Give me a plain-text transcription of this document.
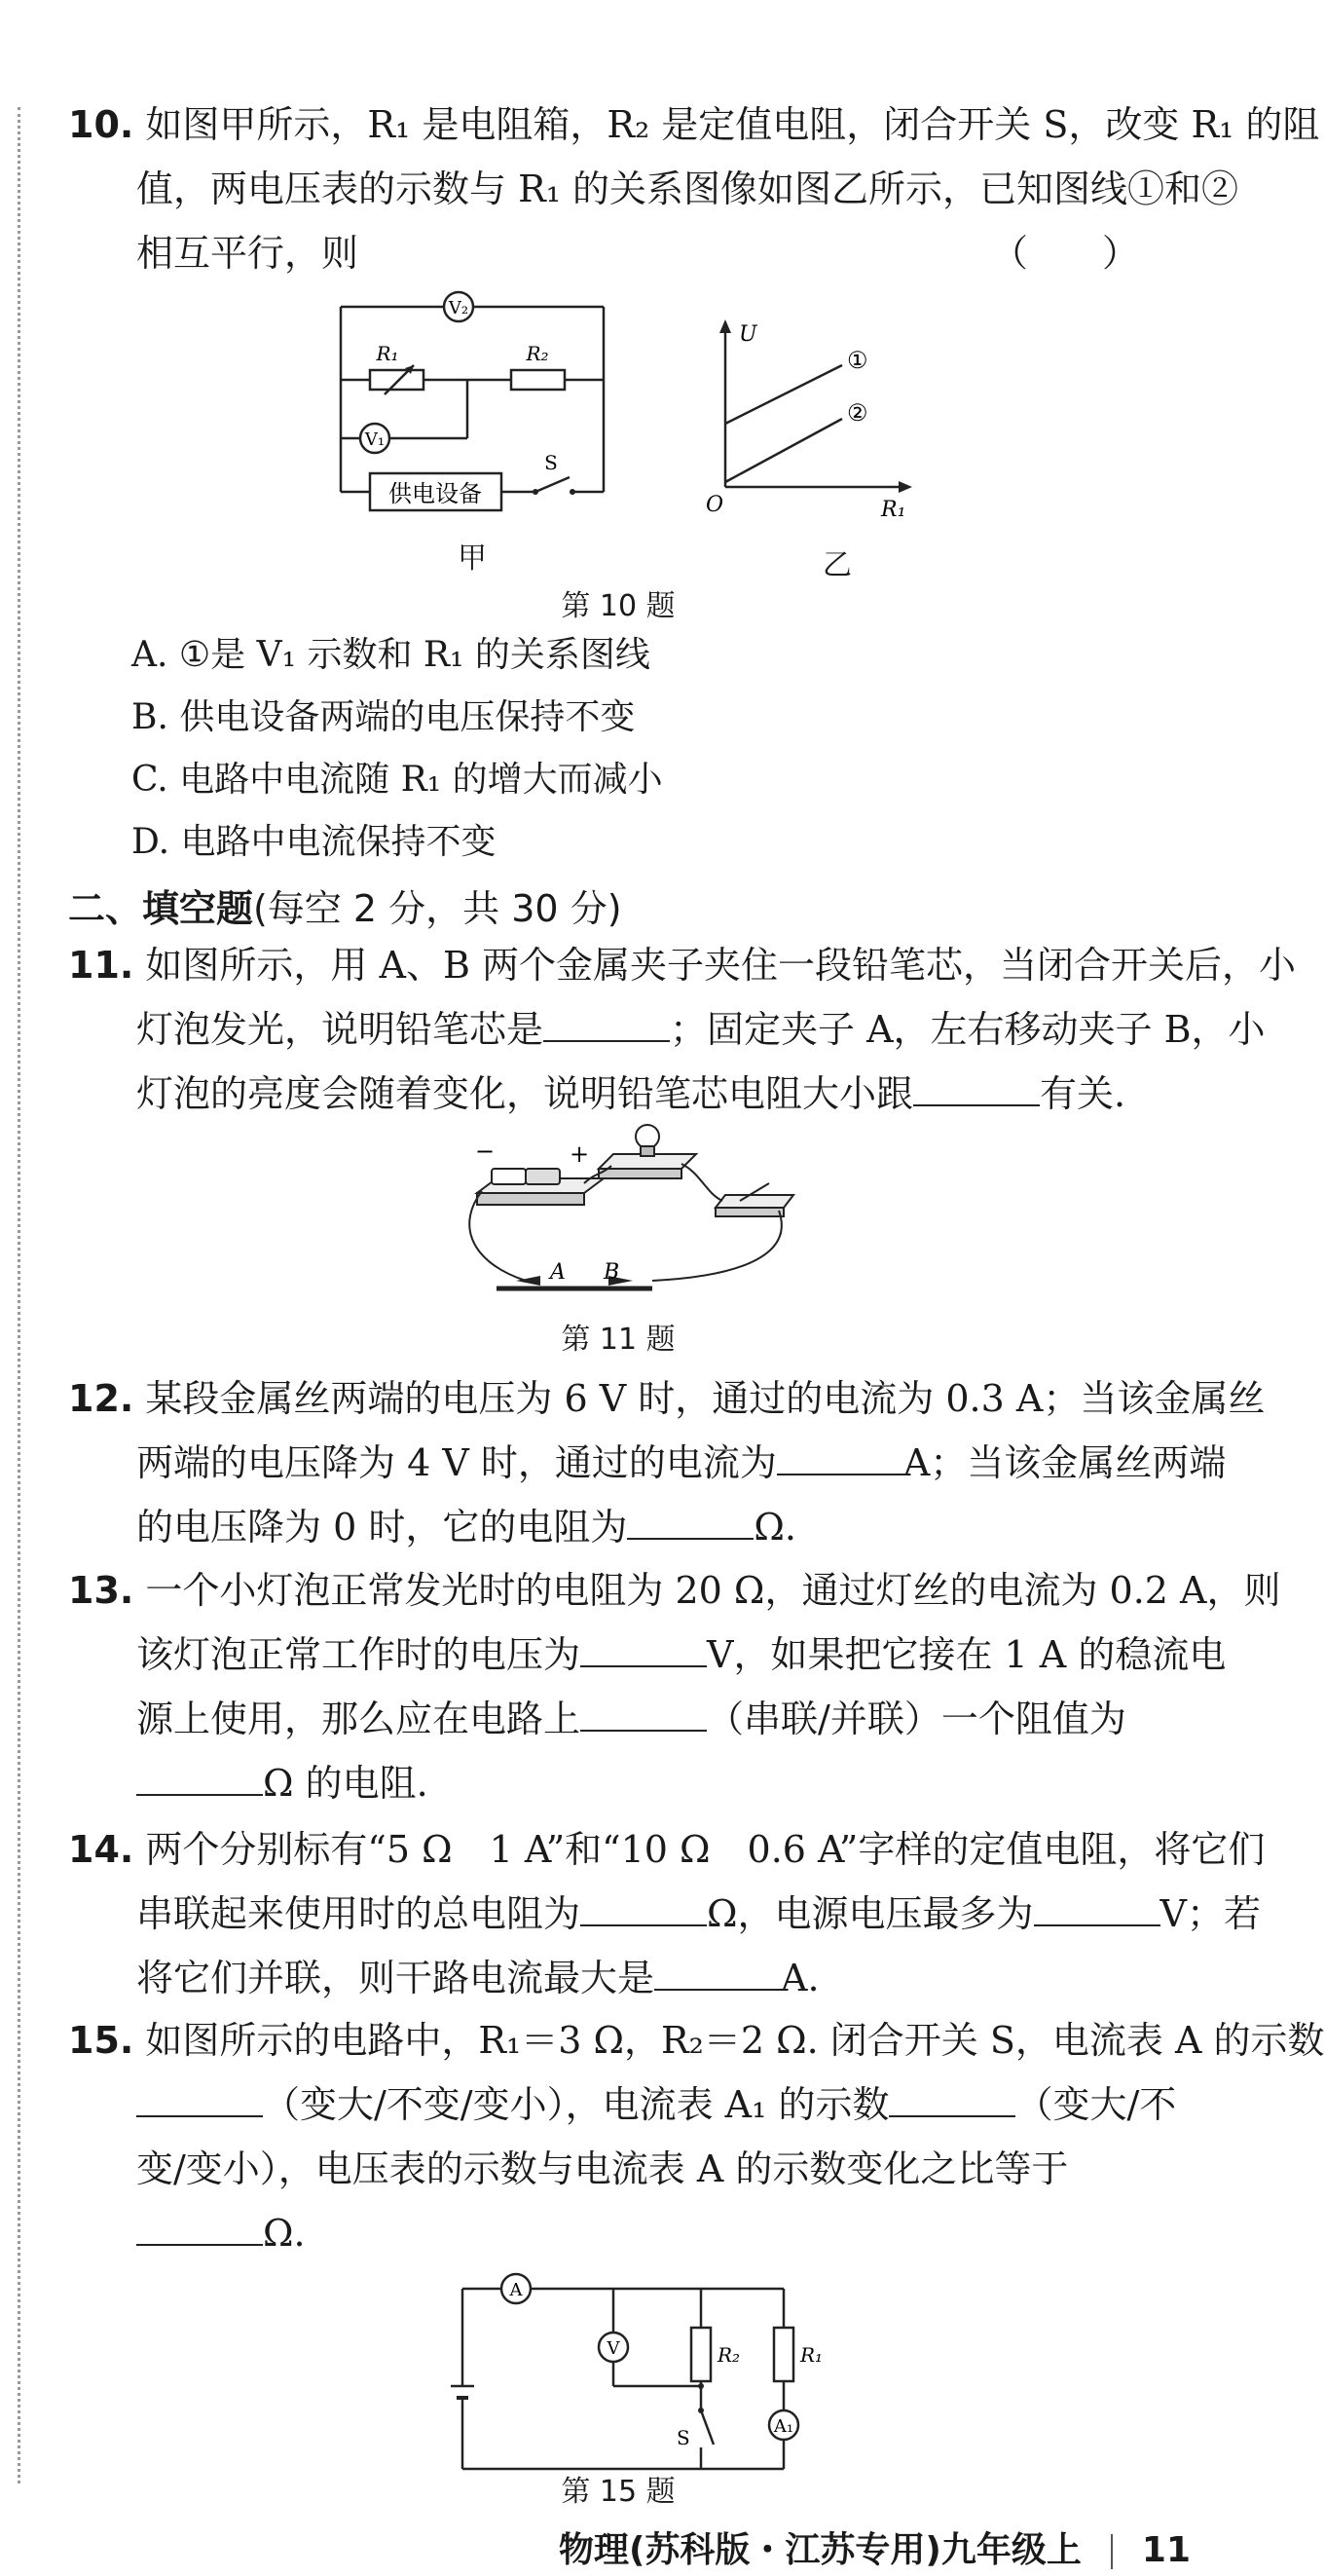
10. 如图甲所示，R₁ 是电阻箱，R₂ 是定值电阻，闭合开关 S，改变 R₁ 的阻
值，两电压表的示数与 R₁ 的关系图像如图乙所示，已知图线①和②
相互平行，则	（　　）
V₂
R₁	R₂
V₁
供电设备
S
甲
U
O	R₁
①
②
乙
第 10 题
A. ①是 V₁ 示数和 R₁ 的关系图线
B. 供电设备两端的电压保持不变
C. 电路中电流随 R₁ 的增大而减小
D. 电路中电流保持不变
二、填空题(每空 2 分，共 30 分)
11. 如图所示，用 A、B 两个金属夹子夹住一段铅笔芯，当闭合开关后，小
灯泡发光，说明铅笔芯是	；固定夹子 A，左右移动夹子 B，小
灯泡的亮度会随着变化，说明铅笔芯电阻大小跟	有关.
−	+
A B
第 11 题
12. 某段金属丝两端的电压为 6 V 时，通过的电流为 0.3 A；当该金属丝
两端的电压降为 4 V 时，通过的电流为	A；当该金属丝两端
的电压降为 0 时，它的电阻为	Ω.
13. 一个小灯泡正常发光时的电阻为 20 Ω，通过灯丝的电流为 0.2 A，则
该灯泡正常工作时的电压为	V，如果把它接在 1 A 的稳流电
源上使用，那么应在电路上	（串联/并联）一个阻值为
Ω 的电阻.
14. 两个分别标有“5 Ω　1 A”和“10 Ω　0.6 A”字样的定值电阻，将它们
串联起来使用时的总电阻为	Ω，电源电压最多为	V；若
将它们并联，则干路电流最大是	A.
15. 如图所示的电路中，R₁＝3 Ω，R₂＝2 Ω. 闭合开关 S，电流表 A 的示数
（变大/不变/变小），电流表 A₁ 的示数	（变大/不
变/变小），电压表的示数与电流表 A 的示数变化之比等于
Ω.
A
V	R₂	R₁
S	A₁
第 15 题
物理(苏科版・江苏专用)九年级上 11
